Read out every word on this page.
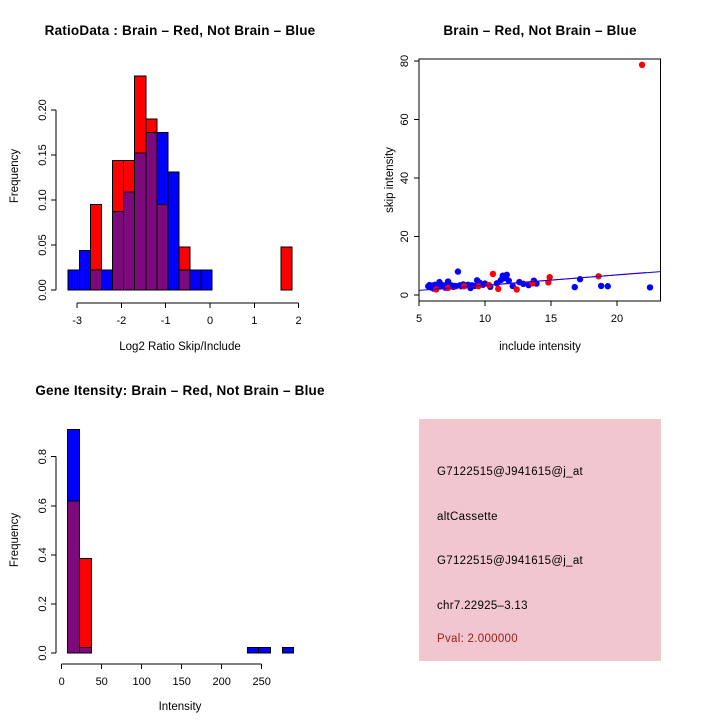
RatioData : Brain – Red, Not Brain – Blue
Frequency
Log2 Ratio Skip/Include
-3	-2	-1	0	1	2
0.00
0.05
0.10
0.15
0.20
Brain – Red, Not Brain – Blue
skip intensity
include intensity
5	10	15	20
0
20
40
60
80
Gene Itensity: Brain – Red, Not Brain – Blue
Frequency
Intensity
0	50 100 150 200 250
0.0
0.2
0.4
0.6
0.8
G7122515@J941615@j_at
altCassette
G7122515@J941615@j_at
chr7.22925–3.13
Pval: 2.000000
